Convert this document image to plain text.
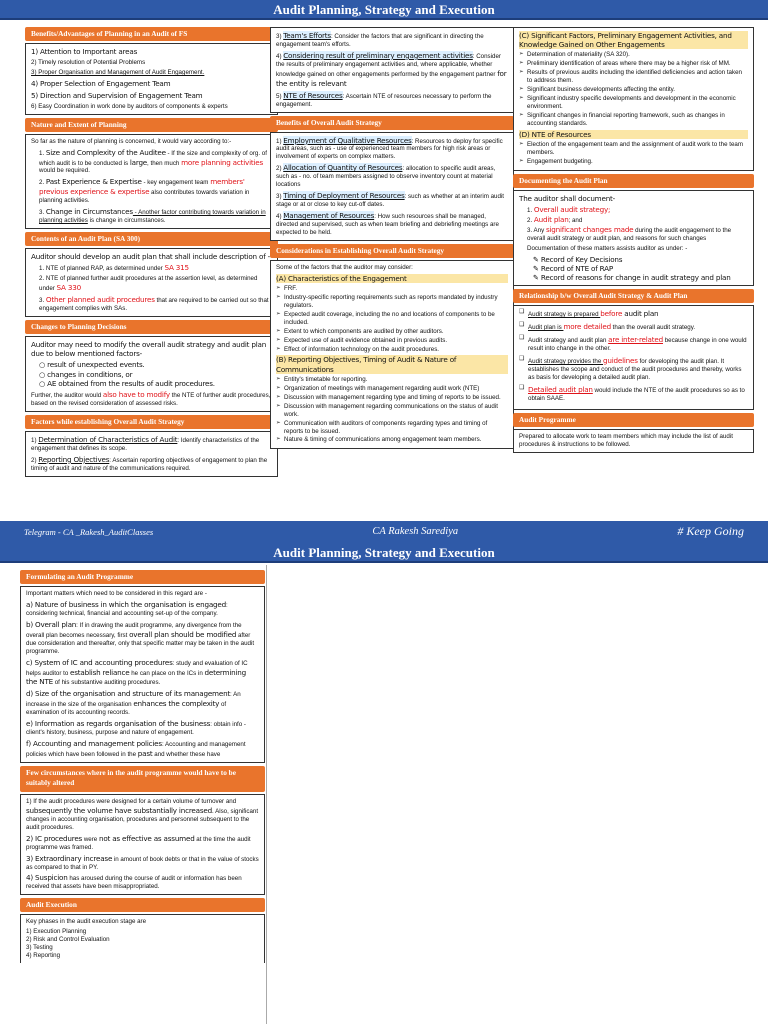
Audit Planning, Strategy and Execution
Benefits/Advantages of Planning in an Audit of FS
1) Attention to Important areas
2) Timely resolution of Potential Problems
3) Proper Organisation and Management of Audit Engagement.
4) Proper Selection of Engagement Team
5) Direction and Supervision of Engagement Team
6) Easy Coordination in work done by auditors of components & experts
Nature and Extent of Planning
So far as the nature of planning is concerned, it would vary according to:-
1. Size and Complexity of the Auditee - If the size and complexity of org. of which audit is to be conducted is large, then much more planning activities would be required.
2. Past Experience & Expertise - key engagement team members' previous experience & expertise also contributes towards variation in planning activities.
3. Change in Circumstances - Another factor contributing towards variation in planning activities is change in circumstances.
Contents of an Audit Plan (SA 300)
Auditor should develop an audit plan that shall include description of -
1. NTE of planned RAP, as determined under SA 315
2. NTE of planned further audit procedures at the assertion level, as determined under SA 330
3. Other planned audit procedures that are required to be carried out so that engagement complies with SAs.
Changes to Planning Decisions
Auditor may need to modify the overall audit strategy and audit plan due to below mentioned factors-
○ result of unexpected events.
○ changes in conditions, or
○ AE obtained from the results of audit procedures.
Further, the auditor would also have to modify the NTE of further audit procedures, based on the revised consideration of assessed risks.
Factors while establishing Overall Audit Strategy
1) Determination of Characteristics of Audit: Identify characteristics of the engagement that defines its scope.
2) Reporting Objectives: Ascertain reporting objectives of engagement to plan the timing of audit and nature of the communications required.
3) Team's Efforts: Consider the factors that are significant in directing the engagement team's efforts.
4) Considering result of preliminary engagement activities: Consider the results of preliminary engagement activities and, where applicable, whether knowledge gained on other engagements performed by the engagement partner for the entity is relevant
5) NTE of Resources: Ascertain NTE of resources necessary to perform the engagement.
Benefits of Overall Audit Strategy
1) Employment of Qualitative Resources: Resources to deploy for specific audit areas, such as - use of experienced team members for high risk areas or involvement of experts on complex matters.
2) Allocation of Quantity of Resources: allocation to specific audit areas, such as - no. of team members assigned to observe inventory count at material locations
3) Timing of Deployment of Resources: such as whether at an interim audit stage or at or close to key cut-off dates.
4) Management of Resources: How such resources shall be managed, directed and supervised, such as when team briefing and debriefing meetings are expected to be held.
Considerations in Establishing Overall Audit Strategy
Some of the factors that the auditor may consider:
(A) Characteristics of the Engagement
➢ FRF.
➢ Industry-specific reporting requirements such as reports mandated by industry regulators.
➢ Expected audit coverage, including the no and locations of components to be included.
➢ Extent to which components are audited by other auditors.
➢ Expected use of audit evidence obtained in previous audits.
➢ Effect of information technology on the audit procedures.
(B) Reporting Objectives, Timing of Audit & Nature of Communications
➢ Entity's timetable for reporting.
➢ Organization of meetings with management regarding audit work (NTE)
➢ Discussion with management regarding type and timing of reports to be issued.
➢ Discussion with management regarding communications on the status of audit work.
➢ Communication with auditors of components regarding types and timing of reports to be issued.
➢ Nature & timing of communications among engagement team members.
(C) Significant Factors, Preliminary Engagement Activities, and Knowledge Gained on Other Engagements
➢ Determination of materiality (SA 320).
➢ Preliminary identification of areas where there may be a higher risk of MM.
➢ Results of previous audits including the identified deficiencies and action taken to address them.
➢ Significant business developments affecting the entity.
➢ Significant industry specific developments and development in the economic environment.
➢ Significant changes in financial reporting framework, such as changes in accounting standards.
(D) NTE of Resources
➢ Election of the engagement team and the assignment of audit work to the team members.
➢ Engagement budgeting.
Documenting the Audit Plan
The auditor shall document-
1. Overall audit strategy;
2. Audit plan; and
3. Any significant changes made during the audit engagement to the overall audit strategy or audit plan, and reasons for such changes
Documentation of these matters assists auditor as under: -
✎ Record of Key Decisions
✎ Record of NTE of RAP
✎ Record of reasons for change in audit strategy and plan
Relationship b/w Overall Audit Strategy & Audit Plan
❑ Audit strategy is prepared before audit plan
❑ Audit plan is more detailed than the overall audit strategy.
❑ Audit strategy and audit plan are inter-related because change in one would result into change in the other.
❑ Audit strategy provides the guidelines for developing the audit plan. It establishes the scope and conduct of the audit procedures and thereby, works as basis for developing a detailed audit plan.
❑ Detailed audit plan would include the NTE of the audit procedures so as to obtain SAAE.
Audit Programme
Prepared to allocate work to team members which may include the list of audit procedures & instructions to be followed.
Telegram - CA _Rakesh_AuditClasses	CA Rakesh Sarediya	# Keep Going
Audit Planning, Strategy and Execution
Formulating an Audit Programme
Important matters which need to be considered in this regard are -
a) Nature of business in which the organisation is engaged: considering technical, financial and accounting set-up of the company.
b) Overall plan: If in drawing the audit programme, any divergence from the overall plan becomes necessary, first overall plan should be modified after due consideration and thereafter, only that specific matter may be taken in the audit programme.
c) System of IC and accounting procedures: study and evaluation of IC helps auditor to establish reliance he can place on the ICs in determining the NTE of his substantive auditing procedures.
d) Size of the organisation and structure of its management: An increase in the size of the organisation enhances the complexity of examination of its accounting records.
e) Information as regards organisation of the business: obtain info - client's history, business, purpose and nature of engagement.
f) Accounting and management policies: Accounting and management policies which have been followed in the past and whether these have
Few circumstances where in the audit programme would have to be suitably altered
1) If the audit procedures were designed for a certain volume of turnover and subsequently the volume have substantially increased. Also, significant changes in accounting organisation, procedures and personnel subsequent to the audit procedures.
2) IC procedures were not as effective as assumed at the time the audit programme was framed.
3) Extraordinary increase in amount of book debts or that in the value of stocks as compared to that in PY.
4) Suspicion has aroused during the course of audit or information has been received that assets have been misappropriated.
Audit Execution
Key phases in the audit execution stage are
1) Execution Planning
2) Risk and Control Evaluation
3) Testing
4) Reporting
